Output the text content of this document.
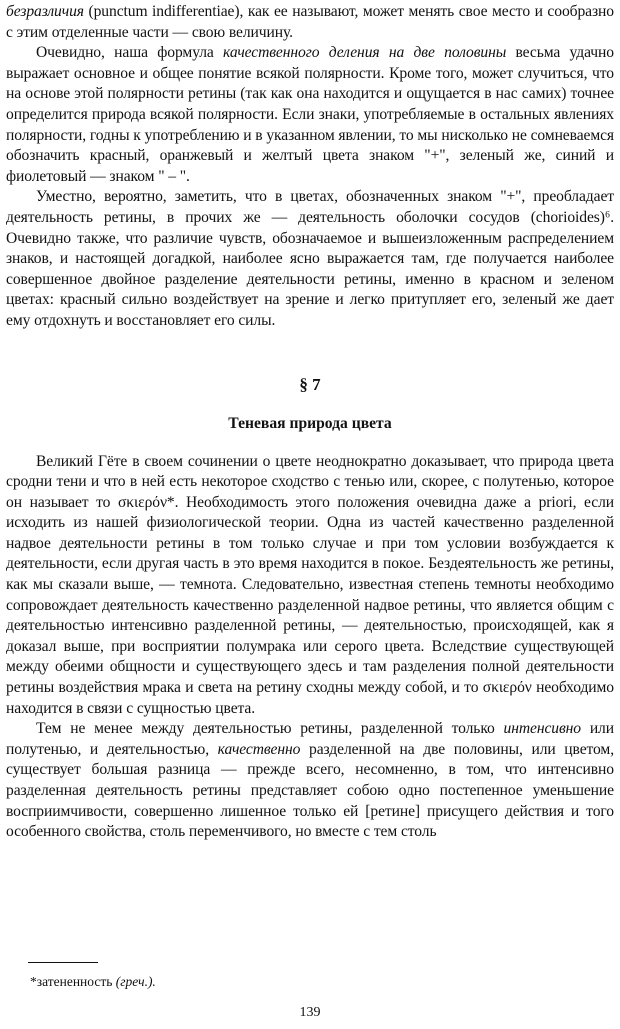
безразличия (punctum indifferentiae), как ее называют, может менять свое место и сообразно с этим отделенные части — свою величину.

Очевидно, наша формула качественного деления на две половины весьма удачно выражает основное и общее понятие всякой полярности. Кроме того, может случиться, что на основе этой полярности ретины (так как она находится и ощущается в нас самих) точнее определится природа всякой полярности. Если знаки, употребляемые в остальных явлениях полярности, годны к употреблению и в указанном явлении, то мы нисколько не сомневаемся обозначить красный, оранжевый и желтый цвета знаком "+", зеленый же, синий и фиолетовый — знаком " – ".

Уместно, вероятно, заметить, что в цветах, обозначенных знаком "+", преобладает деятельность ретины, в прочих же — деятельность оболочки сосудов (chorioides)⁶. Очевидно также, что различие чувств, обозначаемое и вышеизложенным распределением знаков, и настоящей догадкой, наиболее ясно выражается там, где получается наиболее совершенное двойное разделение деятельности ретины, именно в красном и зеленом цветах: красный сильно воздействует на зрение и легко притупляет его, зеленый же дает ему отдохнуть и восстановляет его силы.

§ 7
Теневая природа цвета

Великий Гёте в своем сочинении о цвете неоднократно доказывает, что природа цвета сродни тени и что в ней есть некоторое сходство с тенью или, скорее, с полутенью, которое он называет то σκιερόν*. Необходимость этого положения очевидна даже a priori, если исходить из нашей физиологической теории. Одна из частей качественно разделенной надвое деятельности ретины в том только случае и при том условии возбуждается к деятельности, если другая часть в это время находится в покое. Бездеятельность же ретины, как мы сказали выше, — темнота. Следовательно, известная степень темноты необходимо сопровождает деятельность качественно разделенной надвое ретины, что является общим с деятельностью интенсивно разделенной ретины, — деятельностью, происходящей, как я доказал выше, при восприятии полумрака или серого цвета. Вследствие существующей между обеими общности и существующего здесь и там разделения полной деятельности ретины воздействия мрака и света на ретину сходны между собой, и то σκιερόν необходимо находится в связи с сущностью цвета.

Тем не менее между деятельностью ретины, разделенной только интенсивно или полутенью, и деятельностью, качественно разделенной на две половины, или цветом, существует большая разница — прежде всего, несомненно, в том, что интенсивно разделенная деятельность ретины представляет собою одно постепенное уменьшение восприимчивости, совершенно лишенное только ей [ретине] присущего действия и того особенного свойства, столь переменчивого, но вместе с тем столь

*затененность (греч.).
139
